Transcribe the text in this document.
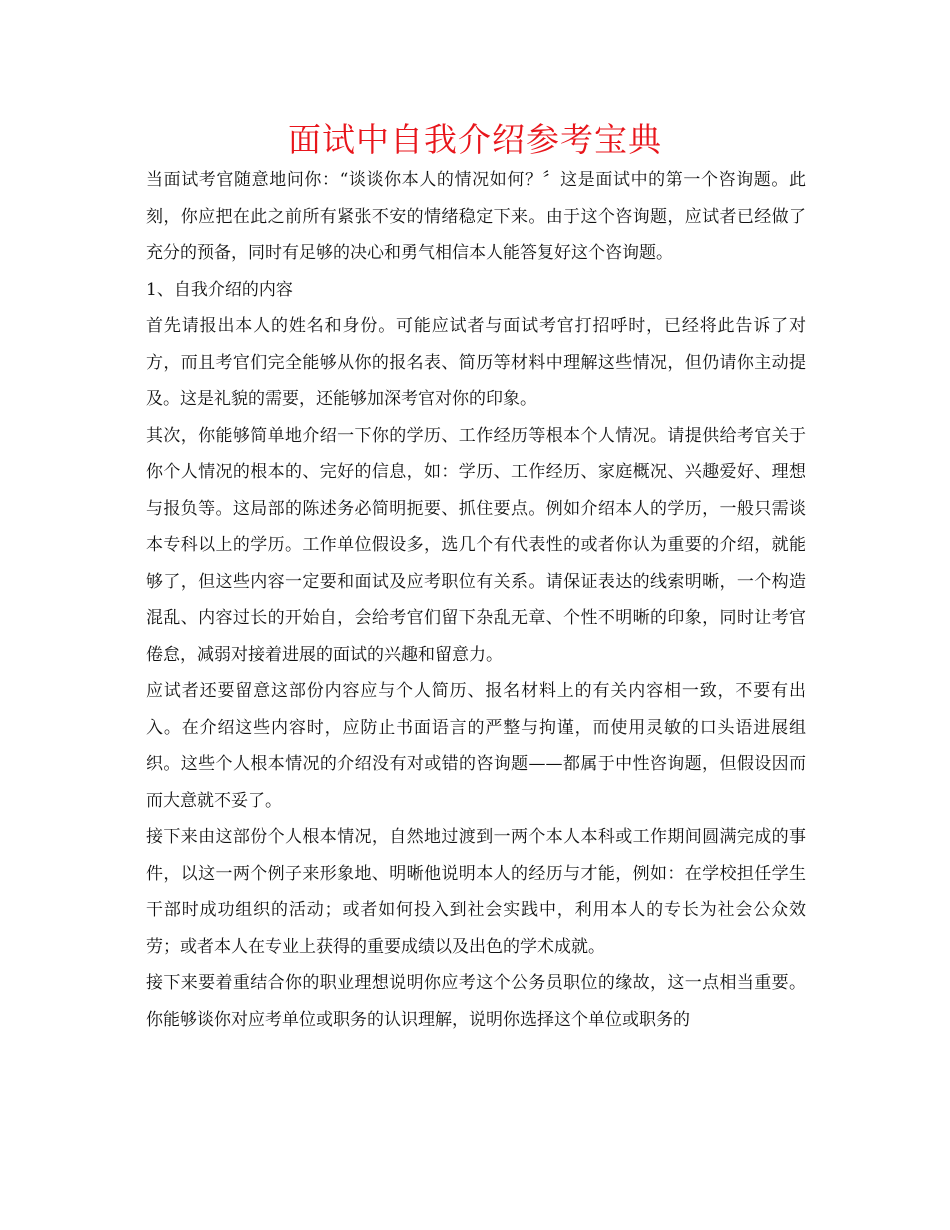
面试中自我介绍参考宝典

当面试考官随意地问你：“谈谈你本人的情况如何？〞这是面试中的第一个咨询题。此刻，你应把在此之前所有紧张不安的情绪稳定下来。由于这个咨询题，应试者已经做了充分的预备，同时有足够的决心和勇气相信本人能答复好这个咨询题。

1、自我介绍的内容

首先请报出本人的姓名和身份。可能应试者与面试考官打招呼时，已经将此告诉了对方，而且考官们完全能够从你的报名表、简历等材料中理解这些情况，但仍请你主动提及。这是礼貌的需要，还能够加深考官对你的印象。

其次，你能够简单地介绍一下你的学历、工作经历等根本个人情况。请提供给考官关于你个人情况的根本的、完好的信息，如：学历、工作经历、家庭概况、兴趣爱好、理想与报负等。这局部的陈述务必简明扼要、抓住要点。例如介绍本人的学历，一般只需谈本专科以上的学历。工作单位假设多，选几个有代表性的或者你认为重要的介绍，就能够了，但这些内容一定要和面试及应考职位有关系。请保证表达的线索明晰，一个构造混乱、内容过长的开始自，会给考官们留下杂乱无章、个性不明晰的印象，同时让考官倦怠，减弱对接着进展的面试的兴趣和留意力。

应试者还要留意这部份内容应与个人简历、报名材料上的有关内容相一致，不要有出入。在介绍这些内容时，应防止书面语言的严整与拘谨，而使用灵敏的口头语进展组织。这些个人根本情况的介绍没有对或错的咨询题——都属于中性咨询题，但假设因而而大意就不妥了。

接下来由这部份个人根本情况，自然地过渡到一两个本人本科或工作期间圆满完成的事件，以这一两个例子来形象地、明晰他说明本人的经历与才能，例如：在学校担任学生干部时成功组织的活动；或者如何投入到社会实践中，利用本人的专长为社会公众效劳；或者本人在专业上获得的重要成绩以及出色的学术成就。

接下来要着重结合你的职业理想说明你应考这个公务员职位的缘故，这一点相当重要。你能够谈你对应考单位或职务的认识理解，说明你选择这个单位或职务的
